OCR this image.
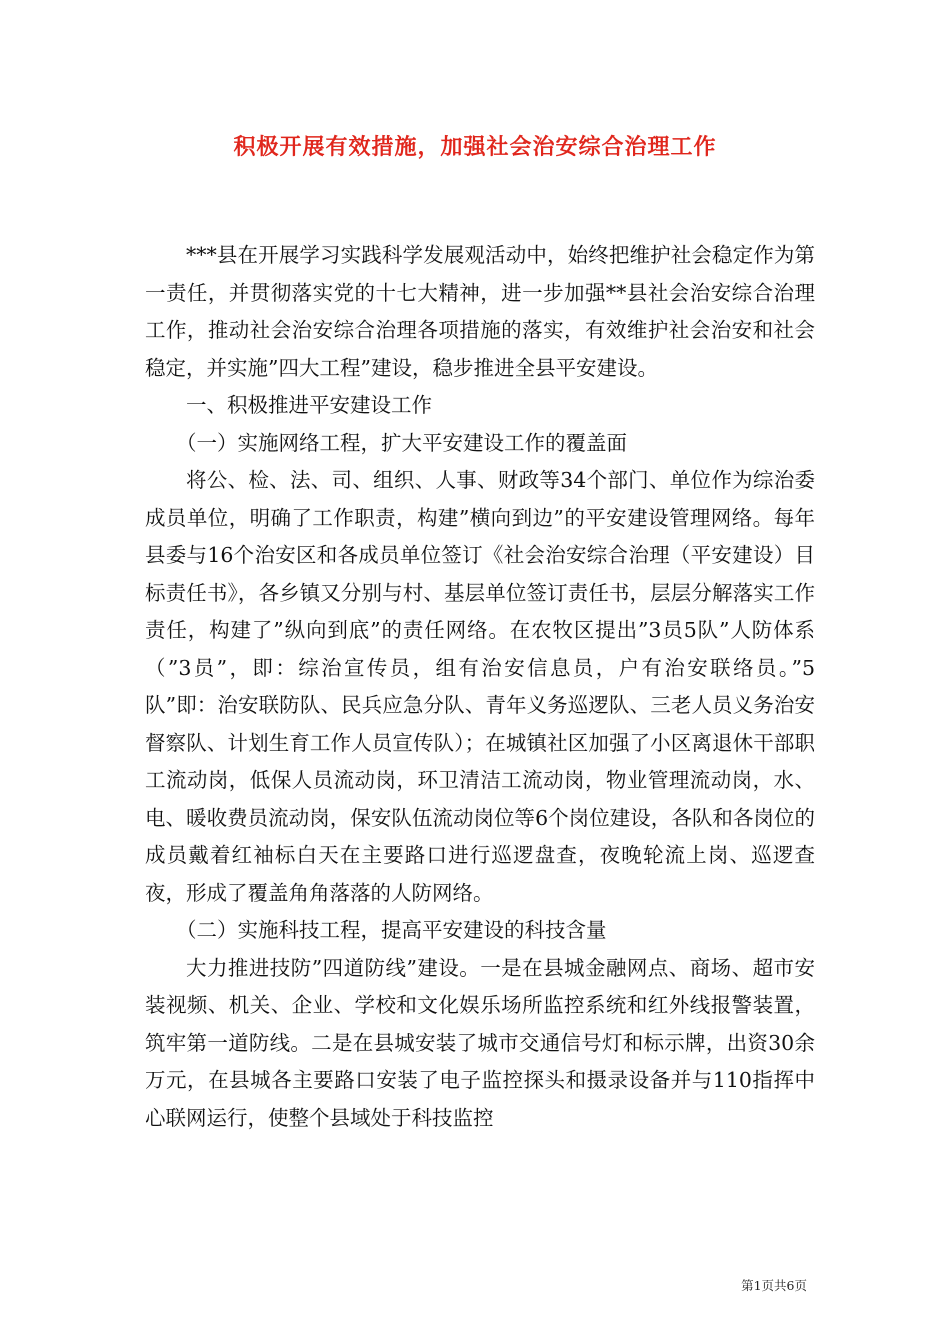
积极开展有效措施，加强社会治安综合治理工作

***县在开展学习实践科学发展观活动中，始终把维护社会稳定作为第一责任，并贯彻落实党的十七大精神，进一步加强**县社会治安综合治理工作，推动社会治安综合治理各项措施的落实，有效维护社会治安和社会稳定，并实施”四大工程”建设，稳步推进全县平安建设。

一、积极推进平安建设工作

（一）实施网络工程，扩大平安建设工作的覆盖面

将公、检、法、司、组织、人事、财政等34个部门、单位作为综治委成员单位，明确了工作职责，构建”横向到边”的平安建设管理网络。每年县委与16个治安区和各成员单位签订《社会治安综合治理（平安建设）目标责任书》，各乡镇又分别与村、基层单位签订责任书，层层分解落实工作责任，构建了”纵向到底”的责任网络。在农牧区提出”3员5队”人防体系（”3员”，即：综治宣传员，组有治安信息员，户有治安联络员。”5队”即：治安联防队、民兵应急分队、青年义务巡逻队、三老人员义务治安督察队、计划生育工作人员宣传队）；在城镇社区加强了小区离退休干部职工流动岗，低保人员流动岗，环卫清洁工流动岗，物业管理流动岗，水、电、暖收费员流动岗，保安队伍流动岗位等6个岗位建设，各队和各岗位的成员戴着红袖标白天在主要路口进行巡逻盘查，夜晚轮流上岗、巡逻查夜，形成了覆盖角角落落的人防网络。

（二）实施科技工程，提高平安建设的科技含量

大力推进技防”四道防线”建设。一是在县城金融网点、商场、超市安装视频、机关、企业、学校和文化娱乐场所监控系统和红外线报警装置，筑牢第一道防线。二是在县城安装了城市交通信号灯和标示牌，出资30余万元，在县城各主要路口安装了电子监控探头和摄录设备并与110指挥中心联网运行，使整个县域处于科技监控

第1页共6页
